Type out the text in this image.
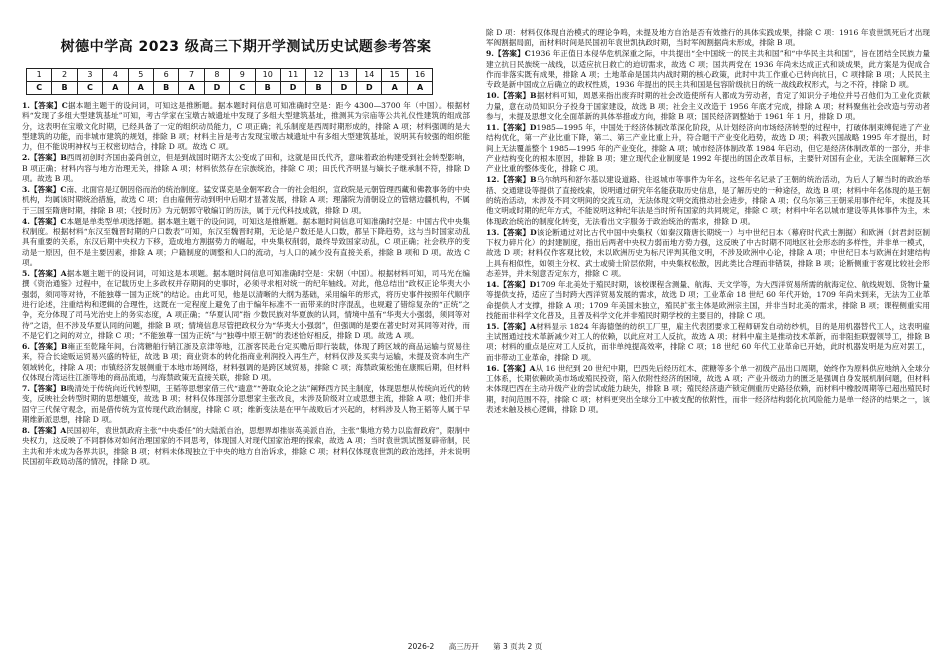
树德中学高 2023 级高三下期开学测试历史试题参考答案
1	2	3	4	5	6	7	8	9	10	11	12	13	14	15	16
C	B	C	A	A	B	A	D	C	B	D	B	D	D	A	A

1.【答案】C据本题主题干的设问词，可知这是推断题。据本题时间信息可知准确时空是：距今 4300—3700 年（中国）。根据材料“发现了多组大型建筑基址”可知，考古学家在宝墩古城遗址中发现了多组大型建筑基址，推测其为宗庙等公共礼仪性建筑的组成部分，这表明在宝墩文化时期，已经具备了一定的组织动员能力，C 项正确；礼乐制度是西周时期形成的，排除 A 项；材料强调的是大型建筑的功能，而非城市建筑的规划，排除 B 项；材料主旨是考古发现宝墩古城遗址中有多组大型建筑基址，说明其有较强的组织能力，但不能说明神权与王权密切结合，排除 D 项。故选 C 项。

2.【答案】B西周初创时齐国由姜尚创立，但是到战国时期齐太公变成了田和，这就是田氏代齐，意味着政治构建受到社会转型影响，B 项正确；材料内容与地方治理无关，排除 A 项；材料依然存在宗族统治，排除 C 项；田氏代齐明显与嫡长子继承制不符，排除 D 项。故选 B 项。

3.【答案】C南、北面官是辽朝因俗而治的统治制度。猛安谋克是金朝军政合一的社会组织，宣政院是元朝管理西藏和佛教事务的中央机构，均属该时期统治措施，故选 C 项；自由雇佣劳动到明中后期才显著发展，排除 A 项；理藩院为清朝设立的管辖边疆机构，不属于三国至隋唐时期，排除 B 项；《授时历》为元朝郭守敬编订的历法，属于元代科技成就，排除 D 项。

4.【答案】C本题是单类型单项选择题。据本题主题干的设问词，可知这是推断题。据本题时间信息可知准确时空是：中国古代中央集权制度。根据材料“东汉至魏晋时期的户口数表”可知，东汉至魏晋时期，无论是户数还是人口数，都呈下降趋势，这与当时国家动乱具有重要的关系，东汉后期中央权力下移，造成地方割据势力的崛起，中央集权削弱，最终导致国家动乱，C 项正确；社会秩序的变动是一原因，但不是主要因素，排除 A 项；户籍制度的调整和人口的流动，与人口的减少没有直接关系，排除 B 项和 D 项。故选 C 项。

5.【答案】A据本题主题干的设问词，可知这是本项题。据本题时间信息可知准确时空是：宋朝（中国）。根据材料可知，司马光在编撰《资治通鉴》过程中，在记载历史上多政权并存期间的史事时，必须寻求相对统一的纪年轴线。对此，他总结出“政权正论华夷大小强弱，须同等对待，不能独尊一国为正统”的结论。由此可见，他是以清晰的大纲为基础，采用编年的形式，将历史事件按照年代顺序进行论述，注重结构和逻辑的合理性，这既在一定程度上避免了由于编年标准不一而带来的时序混乱，也规避了错综复杂的“正统”之争，充分体现了司马光治史上的务实态度，A 项正确；“华夏认同”指 少数民族对华夏族的认同，情境中虽有“华夷大小强弱，须同等对待”之语，但不涉及华夏认同的问题，排除 B 项；情境信息尽管把政权分为“华夷大小强弱”，但强调的是要在著史时对其同等对待，而不是它们之间的对立，排除 C 项；“不能独尊一国为正统”与“独尊中原王朝”的表述恰好相反，排除 D 项。故选 A 项。

6.【答案】B雍正至乾隆年间，台湾糖舶行销江浙及京津等地，江浙客民赴台定买赡后即行装载，体现了跨区域的商品运输与贸易往来，符合长途贩运贸易兴盛的特征，故选 B 项；商业资本的转化指商业利润投入再生产，材料仅涉及买卖与运输，未提及资本向生产领域转化，排除 A 项；市镇经济发展侧重于本地市场网络，材料强调的是跨区域贸易，排除 C 项；海禁政策松弛在康熙后期，但材料仅体现台湾运往江浙等地的商品流通，与海禁政策无直接关联，排除 D 项。

7.【答案】B晚清处于传统向近代转型期，王韬等思想家借三代“遗意”“善取众论之法”阐释西方民主制度，体现思想从传统向近代的转变，反映社会转型时期的思想嬗变，故选 B 项；材料仅体现部分思想家主张改良，未涉及阶级对立或思想主流，排除 A 项；他们并非固守三代保守观念，而是借传统为宣传现代政治制度，排除 C 项；维新变法是在甲午战败后才兴起的，材料涉及人物王韬等人属于早期维新派思想，排除 D 项。

8.【答案】A民国初年，袁世凯政府主张“中央委任”的大陆派自治，思想界却推崇英美派自治，主张“集地方势力以监督政府”，限制中央权力，这反映了不同群体对如何治理国家的不同思考，体现国人对现代国家治理的探索，故选 A 项；当时袁世凯试图复辟帝制，民主共和并未成为各界共识，排除 B 项；材料未体现独立于中央的地方自治诉求，排除 C 项；材料仅体现袁世凯的政治选择，并未说明民国初年政局动荡的情况，排除 D 项。

除 D 项：材料仅体现自治模式的理论争鸣，未提及地方自治是否有效推行的具体实践成果，排除 C 项：1916 年袁世凯死后才出现军阀割据局面，而材料时间是民国初年袁世凯执政时期，当时军阀割据尚未形成，排除 B 项。

9.【答案】C1936 年正值日本侵华危机深重之际，中共提出“全中国统一的民主共和国”和“中华民主共和国”，旨在团结全民族力量建立抗日民族统一战线，以适应抗日救亡的迫切需求，故选 C 项；国共两党在 1936 年尚未达成正式和谈成果，此方案是为促成合作而非落实既有成果，排除 A 项；土地革命是国共内战时期的核心政策，此时中共工作重心已转向抗日，C 项排除 B 项；人民民主专政是新中国成立后确立的政权性质，1936 年提出的民主共和国是包容阶级抗日的统一战线政权形式，与之不符，排除 D 项。

10.【答案】B据材料可知，周恩来指出废弃时期的社会改造使所有人都成为劳动者，肯定了知识分子地位并号召他们为工业化贡献力量，意在动员知识分子投身于国家建设，故选 B 项；社会主义改造于 1956 年底才完成，排除 A 项；材料聚焦社会改造与劳动者参与，未提及思想文化全面革新的具体举措或方向，排除 B 项；国民经济调整始于 1961 年 1 月，排除 D 项。

11.【答案】D1985—1995 年，中国处于经济体制改革深化阶段，从计划经济向市场经济转型的过程中，打破体制束缚促进了产业结构优化，第一产业比重下降，第二、第三产业比重上升，符合题干产业变化趋势，故选 D 项；科教兴国战略 1995 年才提出，时间上无法覆盖整个 1985—1995 年的产业变化，排除 A 项；城市经济体制改革 1984 年启动，但它是经济体制改革的一部分，并非产业结构变化的根本原因，排除 B 项；建立现代企业制度是 1992 年提出的国企改革目标，主要针对国有企业，无法全面解释三次产业比重的整体变化，排除 C 项。

12.【答案】B乌尔纳玛和舒尔基以建设道路、往返城市等事件为年名，这些年名记录了王朝的统治活动，为后人了解当时的政治举措、交通建设等提供了直接线索，说明通过研究年名能获取历史信息，是了解历史的一种途径，故选 B 项；材料中年名体现的是王朝的统治活动，未涉及不同文明间的交流互动，无法体现文明交流推动社会进步，排除 A 项；仅乌尔第三王朝采用事件纪年，未提及其他文明或时期的纪年方式，不能说明这种纪年法是当时所有国家的共同规定，排除 C 项；材料中年名以城市建设等具体事件为主，未体现政治统治的制度化转变，无法看出文字服务于政治统治的需求，排除 D 项。

13.【答案】D该论断通过对比古代中国中央集权（如秦汉隋唐长期统一）与中世纪日本（幕府时代武士割据）和欧洲（封君封臣制下权力碎片化）的封建制度，指出后两者中央权力弱而地方势力强，这反映了中古时期不同地区社会形态的多样性，并非单一模式，故选 D 项；材料仅作客观比较，未以欧洲历史为标尺评判其他文明，不涉及欧洲中心论，排除 A 项；中世纪日本与欧洲在封建结构上具有相似性，如领主分权、武士或骑士阶层依附，中央集权松散，因此类比合理而非错误，排除 B 项；论断侧重于客观比较社会形态差异，并未刻意否定东方，排除 C 项。

14.【答案】D1709 年北美处于殖民时期，该校课程含测量、航海、天文学等，为大西洋贸易所需的航海定位、航线规划、货物计量等提供支持，适应了当时跨大西洋贸易发展的需求，故选 D 项；工业革命 18 世纪 60 年代开始，1709 年尚未到来，无法为工业革命提供人才支撑，排除 A 项；1709 年美国未独立，殖民扩张主体是欧洲宗主国，并非当时北美的需求，排除 B 项；课程侧重实用技能而非科学文化普及，且普及科学文化并非殖民时期学校的主要目的，排除 C 项。

15.【答案】A材料显示 1824 年海德堡的纺织工厂里，雇主代表团要求工程师研发自动纺纱机，目的是用机器替代工人，这表明雇主试图通过技术革新减少对工人的依赖，以此应对工人反抗，故选 A 项；材料中雇主是推动技术革新，而非阻拒联盟领导工，排除 B 项；材料的重点是应对工人反抗，而非单纯提高效率，排除 C 项；18 世纪 60 年代工业革命已开始，此时机器发明是为应对罢工，而非带动工业革命，排除 D 项。

16.【答案】A从 16 世纪到 20 世纪中期，巴西先后经历红木、蔗糖等多个单一初级产品出口周期，始终作为原料供应地纳入全球分工体系，长期依赖欧美市场或殖民投资，陷入依附性经济的困境，故选 A 项；产业升级动力的匮乏是强调自身发展机制问题，但材料未体现巴西在主动升级产业的尝试或能力缺失，排除 B 项；殖民经济遗产锁定侧重历史路径依赖，而材料中橡胶周期等已超出殖民时期，时间范围不符，排除 C 项；材料更突出全球分工中被支配的依附性，而非一经济结构弱化抗风险能力是单一经济的结果之一，该表述未触及核心逻辑，排除 D 项。

2026-2 高三历开 第 3 页共 2 页
